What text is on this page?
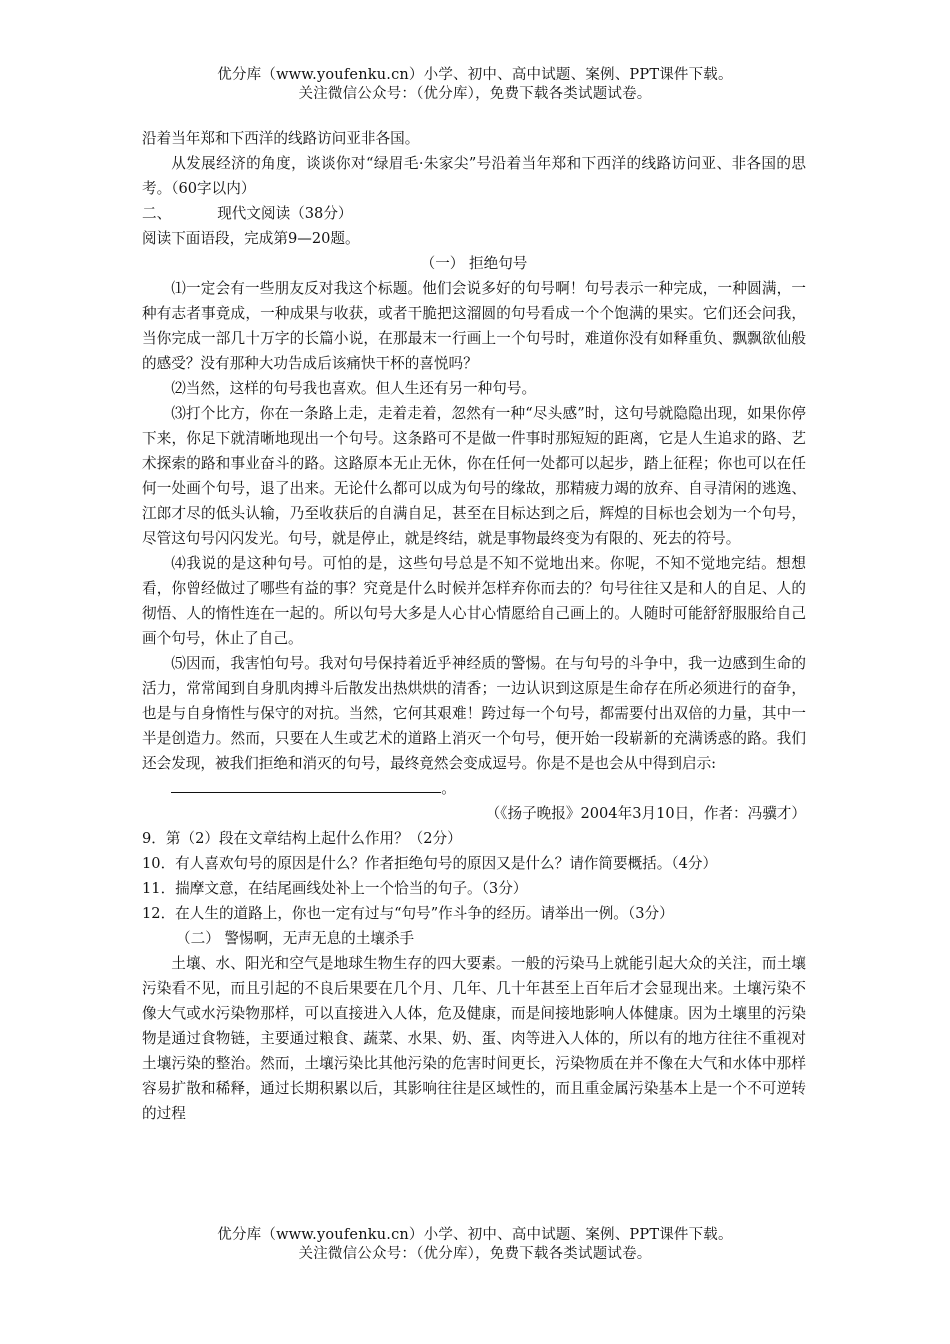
优分库（www.youfenku.cn）小学、初中、高中试题、案例、PPT课件下载。

关注微信公众号：（优分库），免费下载各类试题试卷。

沿着当年郑和下西洋的线路访问亚非各国。

从发展经济的角度，谈谈你对“绿眉毛·朱家尖”号沿着当年郑和下西洋的线路访问亚、非各国的思考。（60字以内）

二、	现代文阅读（38分）

阅读下面语段，完成第9—20题。

（一） 拒绝句号

⑴一定会有一些朋友反对我这个标题。他们会说多好的句号啊！句号表示一种完成，一种圆满，一种有志者事竟成，一种成果与收获，或者干脆把这溜圆的句号看成一个个饱满的果实。它们还会问我，当你完成一部几十万字的长篇小说，在那最末一行画上一个句号时，难道你没有如释重负、飘飘欲仙般的感受？没有那种大功告成后该痛快干杯的喜悦吗？

⑵当然，这样的句号我也喜欢。但人生还有另一种句号。

⑶打个比方，你在一条路上走，走着走着，忽然有一种“尽头感”时，这句号就隐隐出现，如果你停下来，你足下就清晰地现出一个句号。这条路可不是做一件事时那短短的距离，它是人生追求的路、艺术探索的路和事业奋斗的路。这路原本无止无休，你在任何一处都可以起步，踏上征程；你也可以在任何一处画个句号，退了出来。无论什么都可以成为句号的缘故，那精疲力竭的放弃、自寻清闲的逃逸、江郎才尽的低头认输，乃至收获后的自满自足，甚至在目标达到之后，辉煌的目标也会划为一个句号，尽管这句号闪闪发光。句号，就是停止，就是终结，就是事物最终变为有限的、死去的符号。

⑷我说的是这种句号。可怕的是，这些句号总是不知不觉地出来。你呢，不知不觉地完结。想想看，你曾经做过了哪些有益的事？究竟是什么时候并怎样弃你而去的？句号往往又是和人的自足、人的彻悟、人的惰性连在一起的。所以句号大多是人心甘心情愿给自己画上的。人随时可能舒舒服服给自己画个句号，休止了自己。

⑸因而，我害怕句号。我对句号保持着近乎神经质的警惕。在与句号的斗争中，我一边感到生命的活力，常常闻到自身肌肉搏斗后散发出热烘烘的清香；一边认识到这原是生命存在所必须进行的奋争，也是与自身惰性与保守的对抗。当然，它何其艰难！跨过每一个句号，都需要付出双倍的力量，其中一半是创造力。然而，只要在人生或艺术的道路上消灭一个句号，便开始一段崭新的充满诱惑的路。我们还会发现，被我们拒绝和消灭的句号，最终竟然会变成逗号。你是不是也会从中得到启示:

。

（《扬子晚报》2004年3月10日，作者：冯骥才）

9．第（2）段在文章结构上起什么作用？（2分）

10．有人喜欢句号的原因是什么？作者拒绝句号的原因又是什么？请作简要概括。（4分）

11．揣摩文意，在结尾画线处补上一个恰当的句子。（3分）

12．在人生的道路上，你也一定有过与“句号”作斗争的经历。请举出一例。（3分）

（二） 警惕啊，无声无息的土壤杀手

土壤、水、阳光和空气是地球生物生存的四大要素。一般的污染马上就能引起大众的关注，而土壤污染看不见，而且引起的不良后果要在几个月、几年、几十年甚至上百年后才会显现出来。土壤污染不像大气或水污染物那样，可以直接进入人体，危及健康，而是间接地影响人体健康。因为土壤里的污染物是通过食物链，主要通过粮食、蔬菜、水果、奶、蛋、肉等进入人体的，所以有的地方往往不重视对土壤污染的整治。然而，土壤污染比其他污染的危害时间更长，污染物质在并不像在大气和水体中那样容易扩散和稀释，通过长期积累以后，其影响往往是区域性的，而且重金属污染基本上是一个不可逆转的过程

优分库（www.youfenku.cn）小学、初中、高中试题、案例、PPT课件下载。

关注微信公众号：（优分库），免费下载各类试题试卷。
